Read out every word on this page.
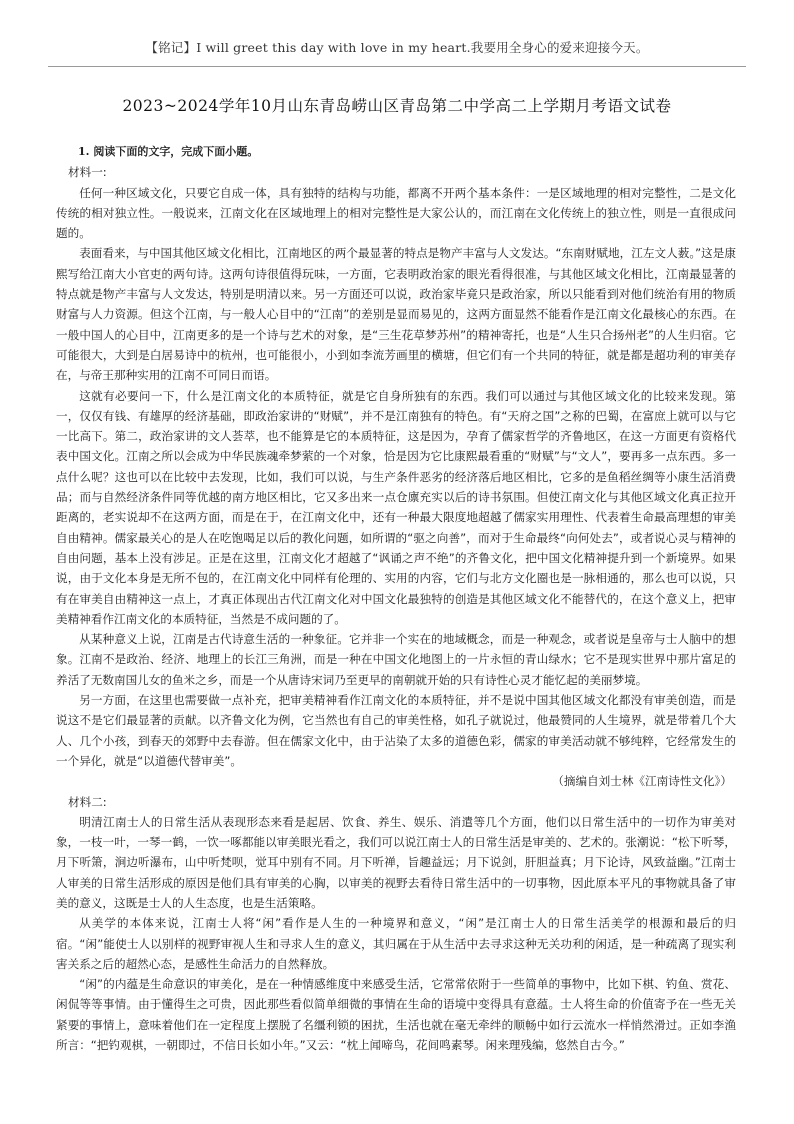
【铭记】I will greet this day with love in my heart.我要用全身心的爱来迎接今天。
2023~2024学年10月山东青岛崂山区青岛第二中学高二上学期月考语文试卷
1. 阅读下面的文字，完成下面小题。
材料一:

任何一种区域文化，只要它自成一体，具有独特的结构与功能，都离不开两个基本条件：一是区域地理的相对完整性，二是文化传统的相对独立性。一般说来，江南文化在区域地理上的相对完整性是大家公认的，而江南在文化传统上的独立性，则是一直很成问题的。

表面看来，与中国其他区域文化相比，江南地区的两个最显著的特点是物产丰富与人文发达。“东南财赋地，江左文人薮。”这是康熙写给江南大小官吏的两句诗。这两句诗很值得玩味，一方面，它表明政治家的眼光看得很准，与其他区域文化相比，江南最显著的特点就是物产丰富与人文发达，特别是明清以来。另一方面还可以说，政治家毕竟只是政治家，所以只能看到对他们统治有用的物质财富与人力资源。但这个江南，与一般人心目中的“江南”的差别是显而易见的，这两方面显然不能看作是江南文化最核心的东西。在一般中国人的心目中，江南更多的是一个诗与艺术的对象，是“三生花草梦苏州”的精神寄托，也是“人生只合扬州老”的人生归宿。它可能很大，大到是白居易诗中的杭州，也可能很小，小到如李流芳画里的横塘，但它们有一个共同的特征，就是都是超功利的审美存在，与帝王那种实用的江南不可同日而语。

这就有必要问一下，什么是江南文化的本质特征，就是它自身所独有的东西。我们可以通过与其他区域文化的比较来发现。第一，仅仅有钱、有雄厚的经济基础，即政治家讲的“财赋”，并不是江南独有的特色。有“天府之国”之称的巴蜀，在富庶上就可以与它一比高下。第二，政治家讲的文人荟萃，也不能算是它的本质特征，这是因为，孕育了儒家哲学的齐鲁地区，在这一方面更有资格代表中国文化。江南之所以会成为中华民族魂牵梦萦的一个对象，恰是因为它比康熙最看重的“财赋”与“文人”，要再多一点东西。多一点什么呢？这也可以在比较中去发现，比如，我们可以说，与生产条件恶劣的经济落后地区相比，它多的是鱼稻丝绸等小康生活消费品；而与自然经济条件同等优越的南方地区相比，它又多出来一点仓廪充实以后的诗书氛围。但使江南文化与其他区域文化真正拉开距离的，老实说却不在这两方面，而是在于，在江南文化中，还有一种最大限度地超越了儒家实用理性、代表着生命最高理想的审美自由精神。儒家最关心的是人在吃饱喝足以后的教化问题，如所谓的“驱之向善”，而对于生命最终“向何处去”，或者说心灵与精神的自由问题，基本上没有涉足。正是在这里，江南文化才超越了“讽诵之声不绝”的齐鲁文化，把中国文化精神提升到一个新境界。如果说，由于文化本身是无所不包的，在江南文化中同样有伦理的、实用的内容，它们与北方文化圈也是一脉相通的，那么也可以说，只有在审美自由精神这一点上，才真正体现出古代江南文化对中国文化最独特的创造是其他区域文化不能替代的，在这个意义上，把审美精神看作江南文化的本质特征，当然是不成问题的了。

从某种意义上说，江南是古代诗意生活的一种象征。它并非一个实在的地域概念，而是一种观念，或者说是皇帝与士人脑中的想象。江南不是政治、经济、地理上的长江三角洲，而是一种在中国文化地图上的一片永恒的青山绿水；它不是现实世界中那片富足的养活了无数南国儿女的鱼米之乡，而是一个从唐诗宋词乃至更早的南朝就开始的只有诗性心灵才能忆起的美丽梦境。

另一方面，在这里也需要做一点补充，把审美精神看作江南文化的本质特征，并不是说中国其他区域文化都没有审美创造，而是说这不是它们最显著的贡献。以齐鲁文化为例，它当然也有自己的审美性格，如孔子就说过，他最赞同的人生境界，就是带着几个大人、几个小孩，到春天的郊野中去春游。但在儒家文化中，由于沾染了太多的道德色彩，儒家的审美活动就不够纯粹，它经常发生的一个异化，就是“以道德代替审美”。

（摘编自刘士林《江南诗性文化》）

材料二:

明清江南士人的日常生活从表现形态来看是起居、饮食、养生、娱乐、消遣等几个方面，他们以日常生活中的一切作为审美对象，一枝一叶，一琴一鹤，一饮一啄都能以审美眼光看之，我们可以说江南士人的日常生活是审美的、艺术的。张潮说：“松下听琴，月下听箫，涧边听瀑布，山中听梵呗，觉耳中别有不同。月下听禅，旨趣益远；月下说剑，肝胆益真；月下论诗，风致益幽。”江南士人审美的日常生活形成的原因是他们具有审美的心胸，以审美的视野去看待日常生活中的一切事物，因此原本平凡的事物就具备了审美的意义，这既是士人的人生态度，也是生活策略。

从美学的本体来说，江南士人将“闲”看作是人生的一种境界和意义，“闲”是江南士人的日常生活美学的根源和最后的归宿。“闲”能使士人以别样的视野审视人生和寻求人生的意义，其归属在于从生活中去寻求这种无关功利的闲适，是一种疏离了现实利害关系之后的超然心态，是感性生命活力的自然释放。

“闲”的内蕴是生命意识的审美化，是在一种情感维度中来感受生活，它常常依附于一些简单的事物中，比如下棋、钓鱼、赏花、闲侃等等事情。由于懂得生之可贵，因此那些看似简单细微的事情在生命的语境中变得具有意蕴。士人将生命的价值寄予在一些无关紧要的事情上，意味着他们在一定程度上摆脱了名缰利锁的困扰，生活也就在毫无牵绊的顺畅中如行云流水一样悄然滑过。正如李渔所言：“把钓观棋，一朝即过，不信日长如小年。”又云：“枕上闻啼鸟，花间鸣素琴。闲来理残编，悠然自古今。”
